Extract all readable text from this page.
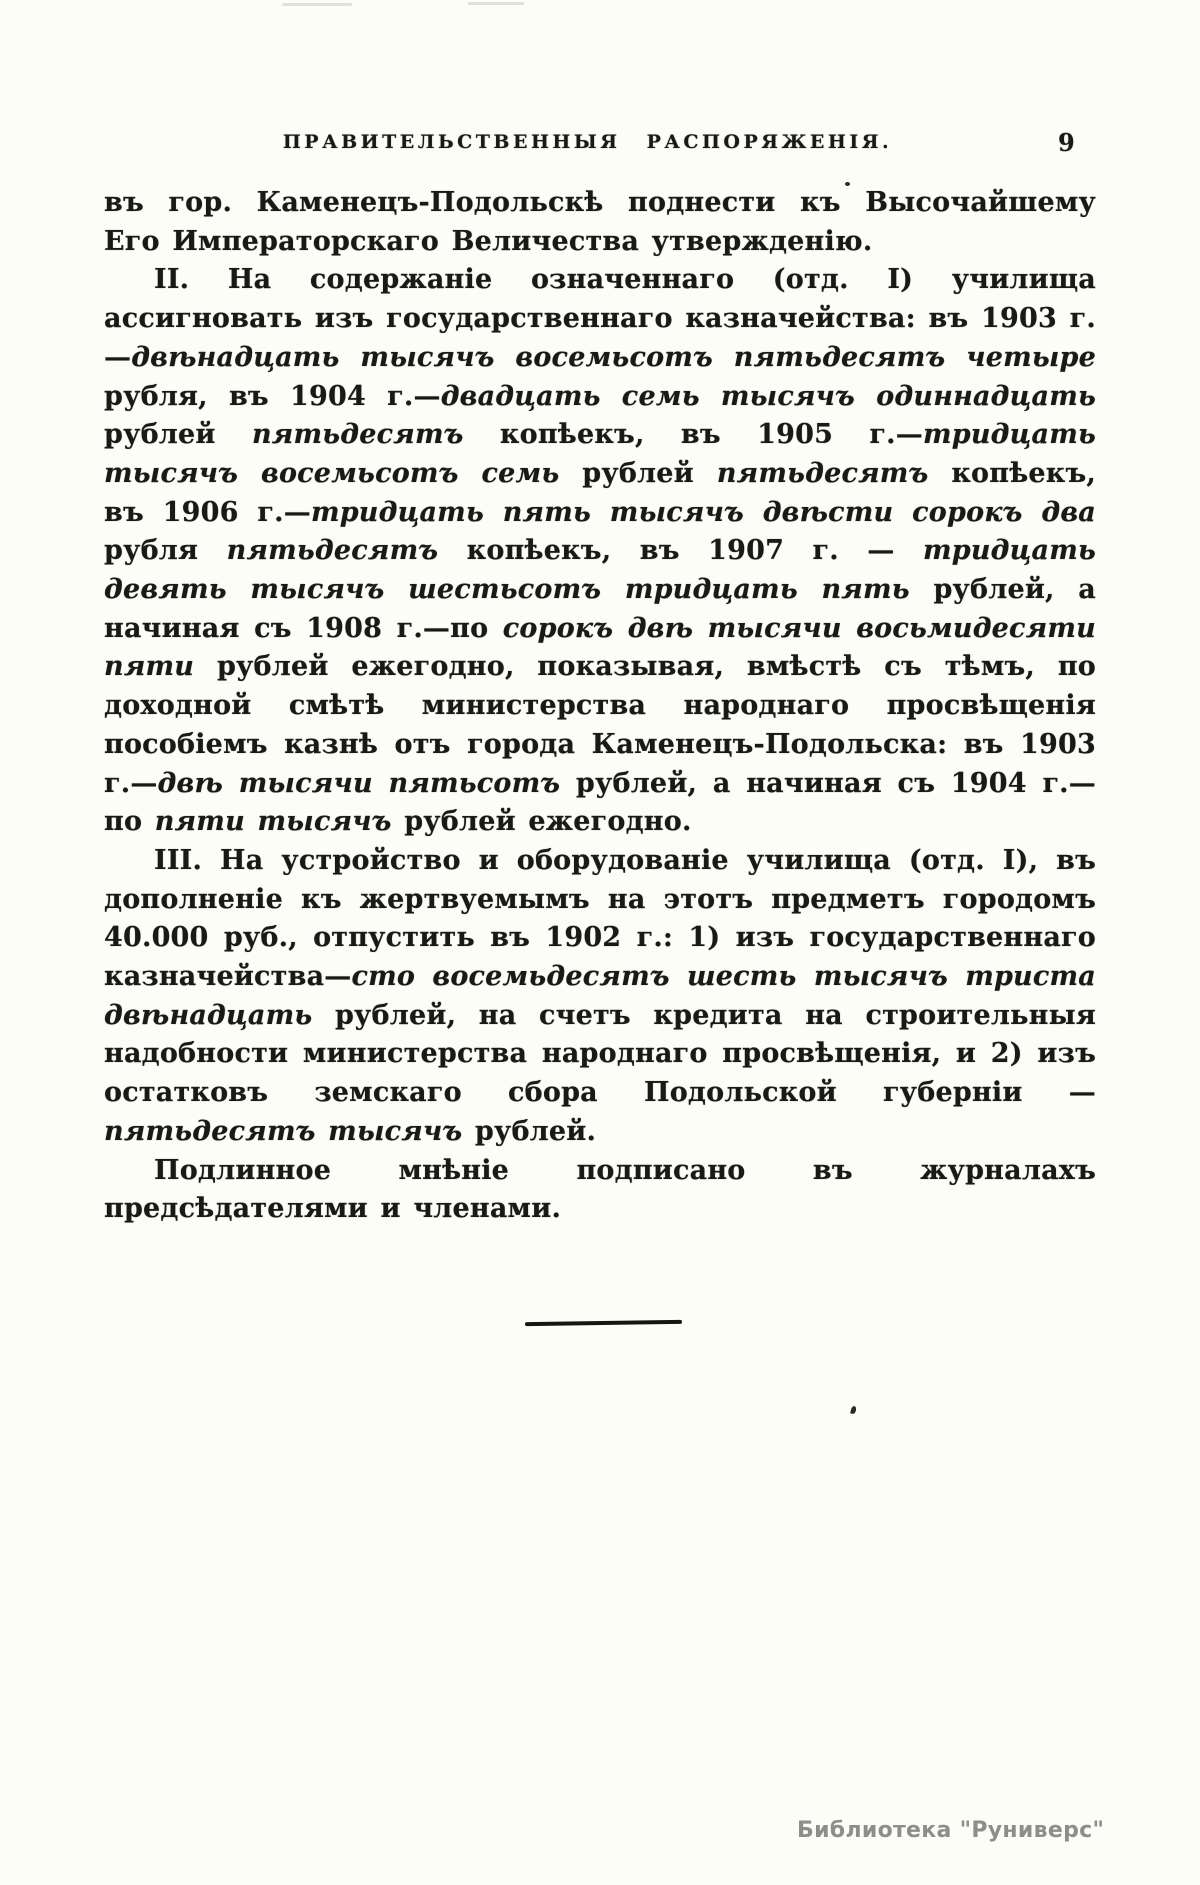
ПРАВИТЕЛЬСТВЕННЫЯ РАСПОРЯЖЕНІЯ.	9

въ гор. Каменецъ-Подольскѣ поднести къ Высочайшему Его Императорскаго Величества утвержденію.

II. На содержаніе означеннаго (отд. I) училища ассигновать изъ государственнаго казначейства: въ 1903 г.—двѣнадцать тысячъ восемьсотъ пятьдесятъ четыре рубля, въ 1904 г.—двадцать семь тысячъ одиннадцать рублей пятьдесятъ копѣекъ, въ 1905 г.—тридцать тысячъ восемьсотъ семь рублей пятьдесятъ копѣекъ, въ 1906 г.—тридцать пять тысячъ двѣсти сорокъ два рубля пятьдесятъ копѣекъ, въ 1907 г. — тридцать девять тысячъ шестьсотъ тридцать пять рублей, а начиная съ 1908 г.—по сорокъ двѣ тысячи восьмидесяти пяти рублей ежегодно, показывая, вмѣстѣ съ тѣмъ, по доходной смѣтѣ министерства народнаго просвѣщенія пособіемъ казнѣ отъ города Каменецъ-Подольска: въ 1903 г.—двѣ тысячи пятьсотъ рублей, а начиная съ 1904 г.—по пяти тысячъ рублей ежегодно.

III. На устройство и оборудованіе училища (отд. I), въ дополненіе къ жертвуемымъ на этотъ предметъ городомъ 40.000 руб., отпустить въ 1902 г.: 1) изъ государственнаго казначейства—сто восемьдесятъ шесть тысячъ триста двѣнадцать рублей, на счетъ кредита на строительныя надобности министерства народнаго просвѣщенія, и 2) изъ остатковъ земскаго сбора Подольской губерніи — пятьдесятъ тысячъ рублей.

Подлинное мнѣніе подписано въ журналахъ предсѣдателями и членами.

Библиотека "Руниверс"
